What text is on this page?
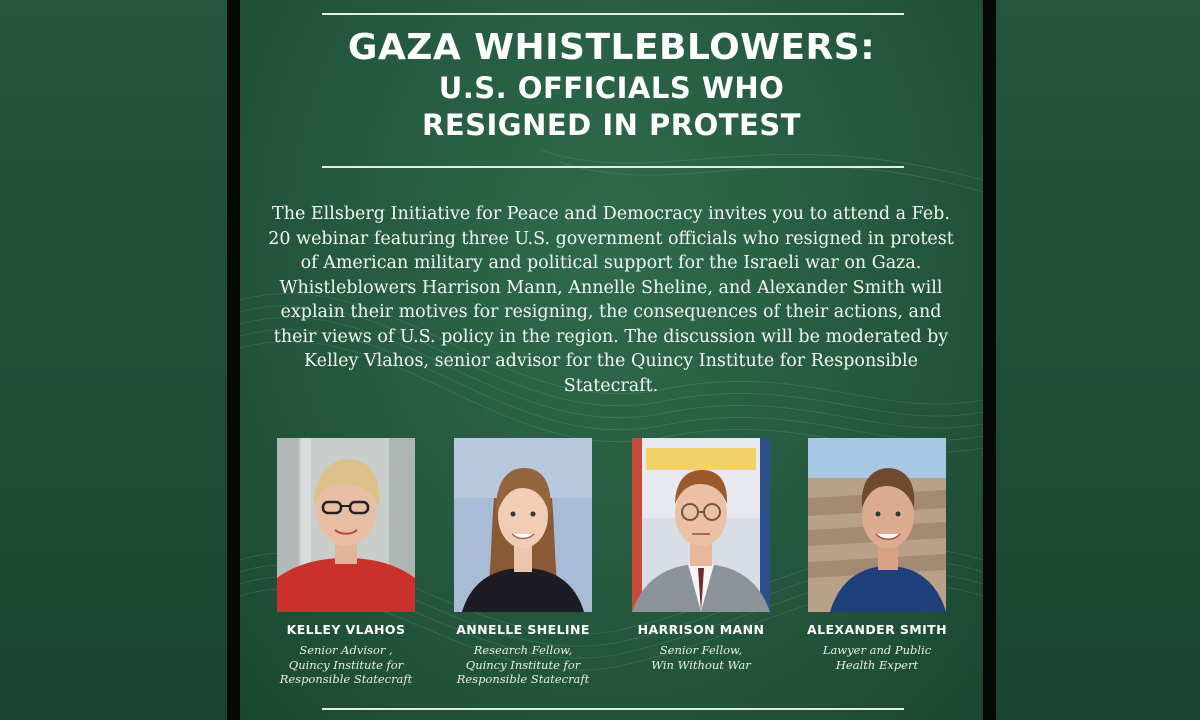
GAZA WHISTLEBLOWERS:
U.S. OFFICIALS WHO
RESIGNED IN PROTEST

The Ellsberg Initiative for Peace and Democracy invites you to attend a Feb. 20 webinar featuring three U.S. government officials who resigned in protest of American military and political support for the Israeli war on Gaza. Whistleblowers Harrison Mann, Annelle Sheline, and Alexander Smith will explain their motives for resigning, the consequences of their actions, and their views of U.S. policy in the region. The discussion will be moderated by Kelley Vlahos, senior advisor for the Quincy Institute for Responsible Statecraft.

KELLEY VLAHOS
Senior Advisor ,
Quincy Institute for
Responsible Statecraft
ANNELLE SHELINE
Research Fellow,
Quincy Institute for
Responsible Statecraft
HARRISON MANN
Senior Fellow,
Win Without War
ALEXANDER SMITH
Lawyer and Public
Health Expert
